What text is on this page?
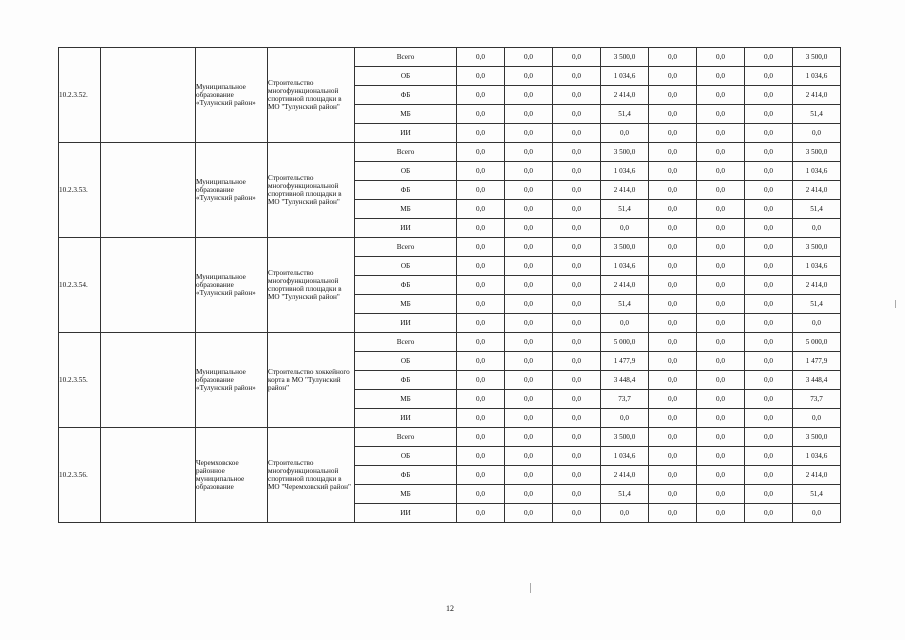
10.2.3.52.		Муниципальное образование «Тулунский район»	Строительство многофункциональной спортивной площадки в МО "Тулунский район"	Всего	0,0	0,0	0,0	3 500,0	0,0	0,0	0,0	3 500,0
				ОБ	0,0	0,0	0,0	1 034,6	0,0	0,0	0,0	1 034,6
				ФБ	0,0	0,0	0,0	2 414,0	0,0	0,0	0,0	2 414,0
				МБ	0,0	0,0	0,0	51,4	0,0	0,0	0,0	51,4
				ИИ	0,0	0,0	0,0	0,0	0,0	0,0	0,0	0,0
10.2.3.53.		Муниципальное образование «Тулунский район»	Строительство многофункциональной спортивной площадки в МО "Тулунский район"	Всего	0,0	0,0	0,0	3 500,0	0,0	0,0	0,0	3 500,0
				ОБ	0,0	0,0	0,0	1 034,6	0,0	0,0	0,0	1 034,6
				ФБ	0,0	0,0	0,0	2 414,0	0,0	0,0	0,0	2 414,0
				МБ	0,0	0,0	0,0	51,4	0,0	0,0	0,0	51,4
				ИИ	0,0	0,0	0,0	0,0	0,0	0,0	0,0	0,0
10.2.3.54.		Муниципальное образование «Тулунский район»	Строительство многофункциональной спортивной площадки в МО "Тулунский район"	Всего	0,0	0,0	0,0	3 500,0	0,0	0,0	0,0	3 500,0
				ОБ	0,0	0,0	0,0	1 034,6	0,0	0,0	0,0	1 034,6
				ФБ	0,0	0,0	0,0	2 414,0	0,0	0,0	0,0	2 414,0
				МБ	0,0	0,0	0,0	51,4	0,0	0,0	0,0	51,4
				ИИ	0,0	0,0	0,0	0,0	0,0	0,0	0,0	0,0
10.2.3.55.		Муниципальное образование «Тулунский район»	Строительство хоккейного корта в МО "Тулунский район"	Всего	0,0	0,0	0,0	5 000,0	0,0	0,0	0,0	5 000,0
				ОБ	0,0	0,0	0,0	1 477,9	0,0	0,0	0,0	1 477,9
				ФБ	0,0	0,0	0,0	3 448,4	0,0	0,0	0,0	3 448,4
				МБ	0,0	0,0	0,0	73,7	0,0	0,0	0,0	73,7
				ИИ	0,0	0,0	0,0	0,0	0,0	0,0	0,0	0,0
10.2.3.56.		Черемховское районное муниципальное образование	Строительство многофункциональной спортивной площадки в МО "Черемховский район"	Всего	0,0	0,0	0,0	3 500,0	0,0	0,0	0,0	3 500,0
				ОБ	0,0	0,0	0,0	1 034,6	0,0	0,0	0,0	1 034,6
				ФБ	0,0	0,0	0,0	2 414,0	0,0	0,0	0,0	2 414,0
				МБ	0,0	0,0	0,0	51,4	0,0	0,0	0,0	51,4
				ИИ	0,0	0,0	0,0	0,0	0,0	0,0	0,0	0,0
12
